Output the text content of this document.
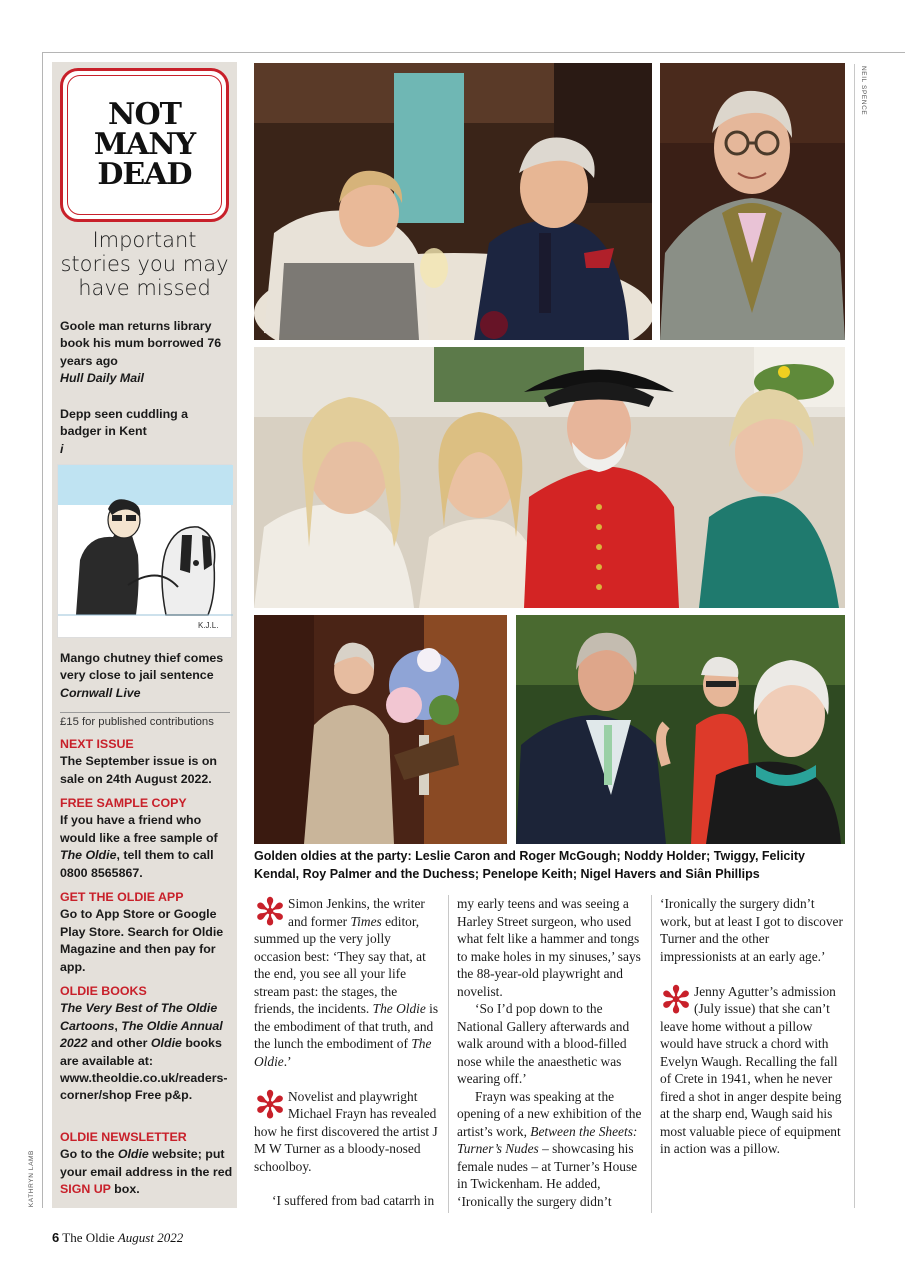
NEIL SPENCE
KATHRYN LAMB
NOT
MANY
DEAD
Important
stories you may
have missed
Goole man returns library book his mum borrowed 76 years ago
Hull Daily Mail
Depp seen cuddling a badger in Kent
i
K.J.L.
Mango chutney thief comes very close to jail sentence
Cornwall Live
£15 for published contributions
NEXT ISSUE
The September issue is on sale on 24th August 2022.
FREE SAMPLE COPY
If you have a friend who would like a free sample of The Oldie, tell them to call 0800 8565867.
GET THE OLDIE APP
Go to App Store or Google Play Store. Search for Oldie Magazine and then pay for app.
OLDIE BOOKS
The Very Best of The Oldie Cartoons, The Oldie Annual 2022 and other Oldie books are available at: www.theoldie.co.uk/readers-corner/shop Free p&p.
OLDIE NEWSLETTER
Go to the Oldie website; put your email address in the red SIGN UP box.
Golden oldies at the party: Leslie Caron and Roger McGough; Noddy Holder; Twiggy, Felicity Kendal, Roy Palmer and the Duchess; Penelope Keith; Nigel Havers and Siân Phillips
✻ Simon Jenkins, the writer and former Times editor, summed up the very jolly occasion best: ‘They say that, at the end, you see all your life stream past: the stages, the friends, the incidents. The Oldie is the embodiment of that truth, and the lunch the embodiment of The Oldie.’

✻ Novelist and playwright Michael Frayn has revealed how he first discovered the artist J M W Turner as a bloody-nosed schoolboy.

‘I suffered from bad catarrh in

my early teens and was seeing a Harley Street surgeon, who used what felt like a hammer and tongs to make holes in my sinuses,’ says the 88-year-old playwright and novelist.

‘So I’d pop down to the National Gallery afterwards and walk around with a blood-filled nose while the anaesthetic was wearing off.’

Frayn was speaking at the opening of a new exhibition of the artist’s work, Between the Sheets: Turner’s Nudes – showcasing his female nudes – at Turner’s House in Twickenham. He added, ‘Ironically the surgery didn’t

‘Ironically the surgery didn’t work, but at least I got to discover Turner and the other impressionists at an early age.’

✻ Jenny Agutter’s admission (July issue) that she can’t leave home without a pillow would have struck a chord with Evelyn Waugh. Recalling the fall of Crete in 1941, when he never fired a shot in anger despite being at the sharp end, Waugh said his most valuable piece of equipment in action was a pillow.

6 The Oldie August 2022
